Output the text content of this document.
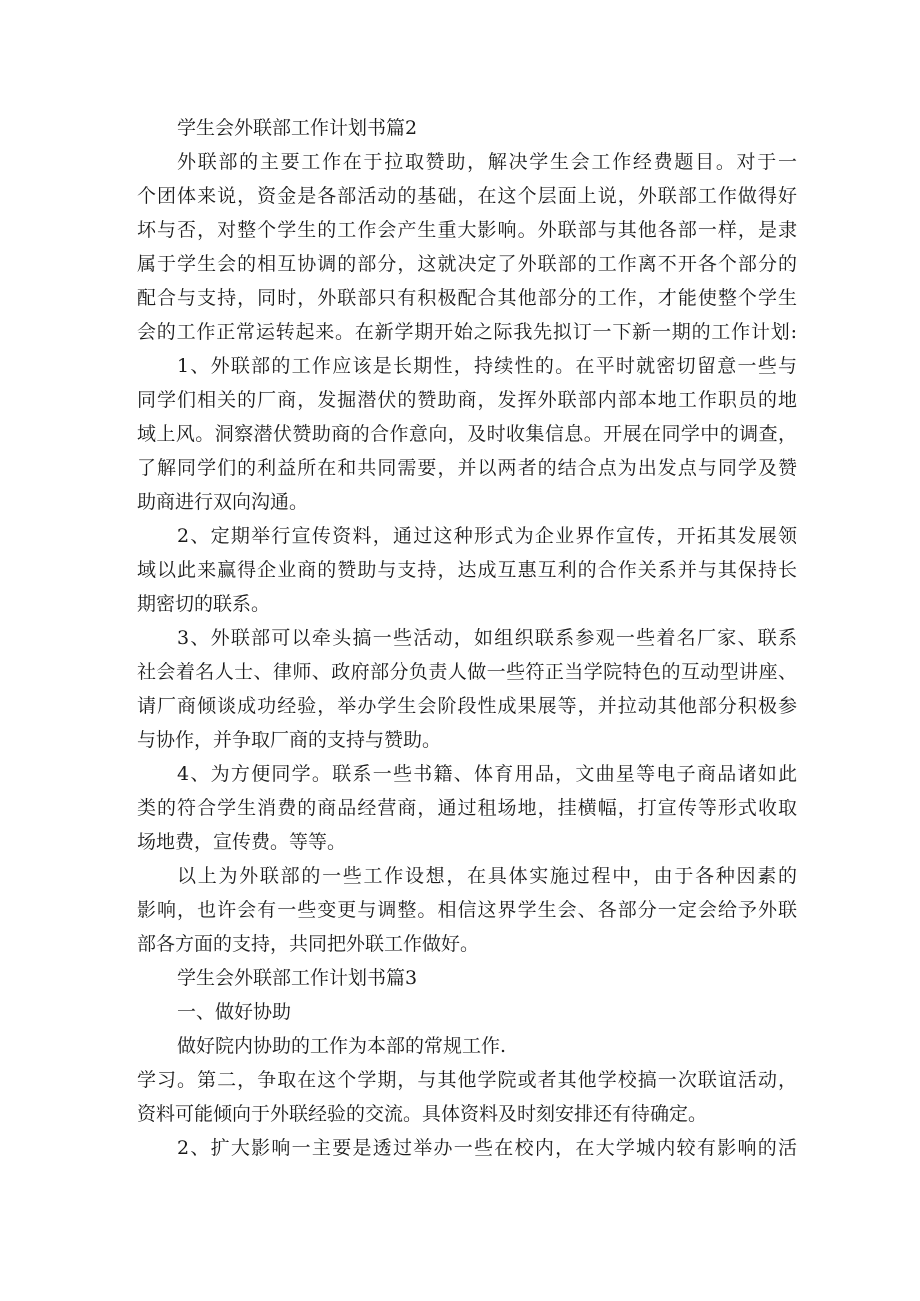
学生会外联部工作计划书篇2
外联部的主要工作在于拉取赞助，解决学生会工作经费题目。对于一
个团体来说，资金是各部活动的基础，在这个层面上说，外联部工作做得好
坏与否，对整个学生的工作会产生重大影响。外联部与其他各部一样，是隶
属于学生会的相互协调的部分，这就决定了外联部的工作离不开各个部分的
配合与支持，同时，外联部只有积极配合其他部分的工作，才能使整个学生
会的工作正常运转起来。在新学期开始之际我先拟订一下新一期的工作计划:
1、外联部的工作应该是长期性，持续性的。在平时就密切留意一些与
同学们相关的厂商，发掘潜伏的赞助商，发挥外联部内部本地工作职员的地
域上风。洞察潜伏赞助商的合作意向，及时收集信息。开展在同学中的调查，
了解同学们的利益所在和共同需要，并以两者的结合点为出发点与同学及赞
助商进行双向沟通。
2、定期举行宣传资料，通过这种形式为企业界作宣传，开拓其发展领
域以此来赢得企业商的赞助与支持，达成互惠互利的合作关系并与其保持长
期密切的联系。
3、外联部可以牵头搞一些活动，如组织联系参观一些着名厂家、联系
社会着名人士、律师、政府部分负责人做一些符正当学院特色的互动型讲座、
请厂商倾谈成功经验，举办学生会阶段性成果展等，并拉动其他部分积极参
与协作，并争取厂商的支持与赞助。
4、为方便同学。联系一些书籍、体育用品，文曲星等电子商品诸如此
类的符合学生消费的商品经营商，通过租场地，挂横幅，打宣传等形式收取
场地费，宣传费。等等。
以上为外联部的一些工作设想，在具体实施过程中，由于各种因素的
影响，也许会有一些变更与调整。相信这界学生会、各部分一定会给予外联
部各方面的支持，共同把外联工作做好。
学生会外联部工作计划书篇3
一、做好协助
做好院内协助的工作为本部的常规工作.
学习。第二，争取在这个学期，与其他学院或者其他学校搞一次联谊活动，
资料可能倾向于外联经验的交流。具体资料及时刻安排还有待确定。
2、扩大影响一主要是透过举办一些在校内，在大学城内较有影响的活
